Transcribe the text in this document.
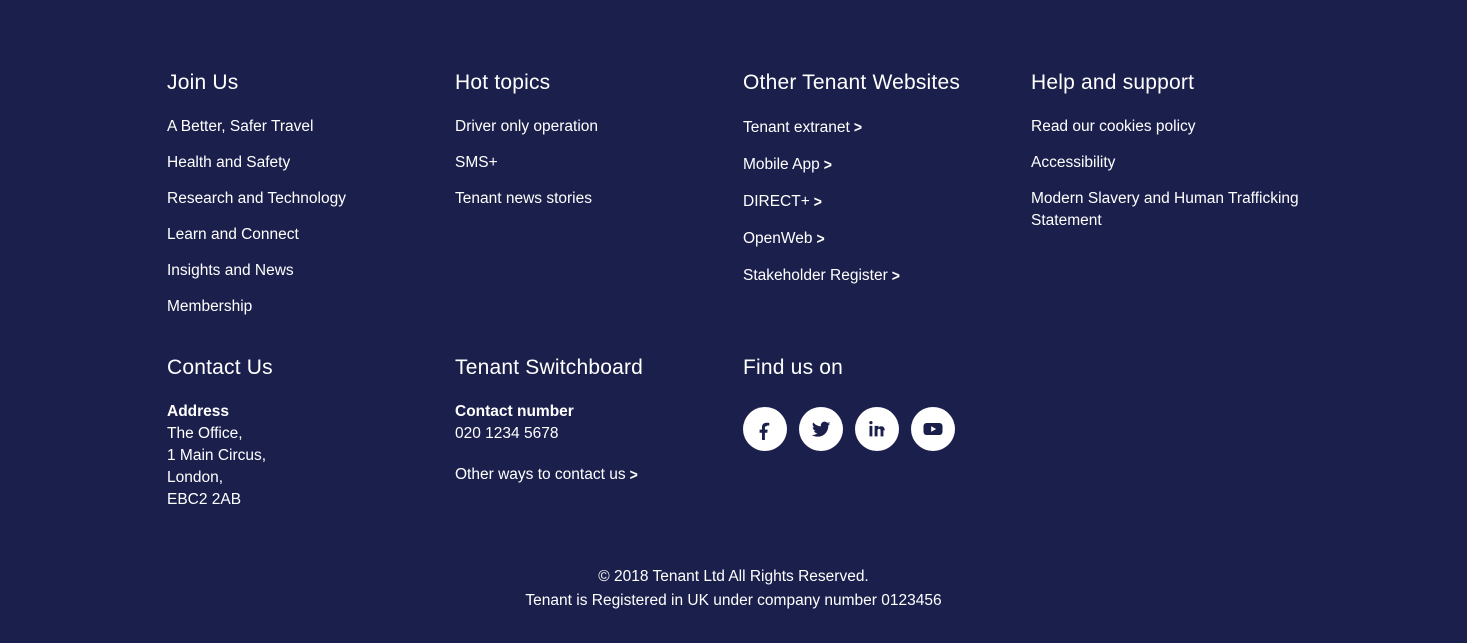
Join Us
A Better, Safer Travel
Health and Safety
Research and Technology
Learn and Connect
Insights and News
Membership
Hot topics
Driver only operation
SMS+
Tenant news stories
Other Tenant Websites
Tenant extranet >
Mobile App >
DIRECT+ >
OpenWeb >
Stakeholder Register >
Help and support
Read our cookies policy
Accessibility
Modern Slavery and Human Trafficking Statement
Contact Us

Address

The Office,

1 Main Circus,

London,

EBC2 2AB

Tenant Switchboard

Contact number

020 1234 5678

Other ways to contact us >
Find us on

© 2018 Tenant Ltd All Rights Reserved.

Tenant is Registered in UK under company number 0123456
